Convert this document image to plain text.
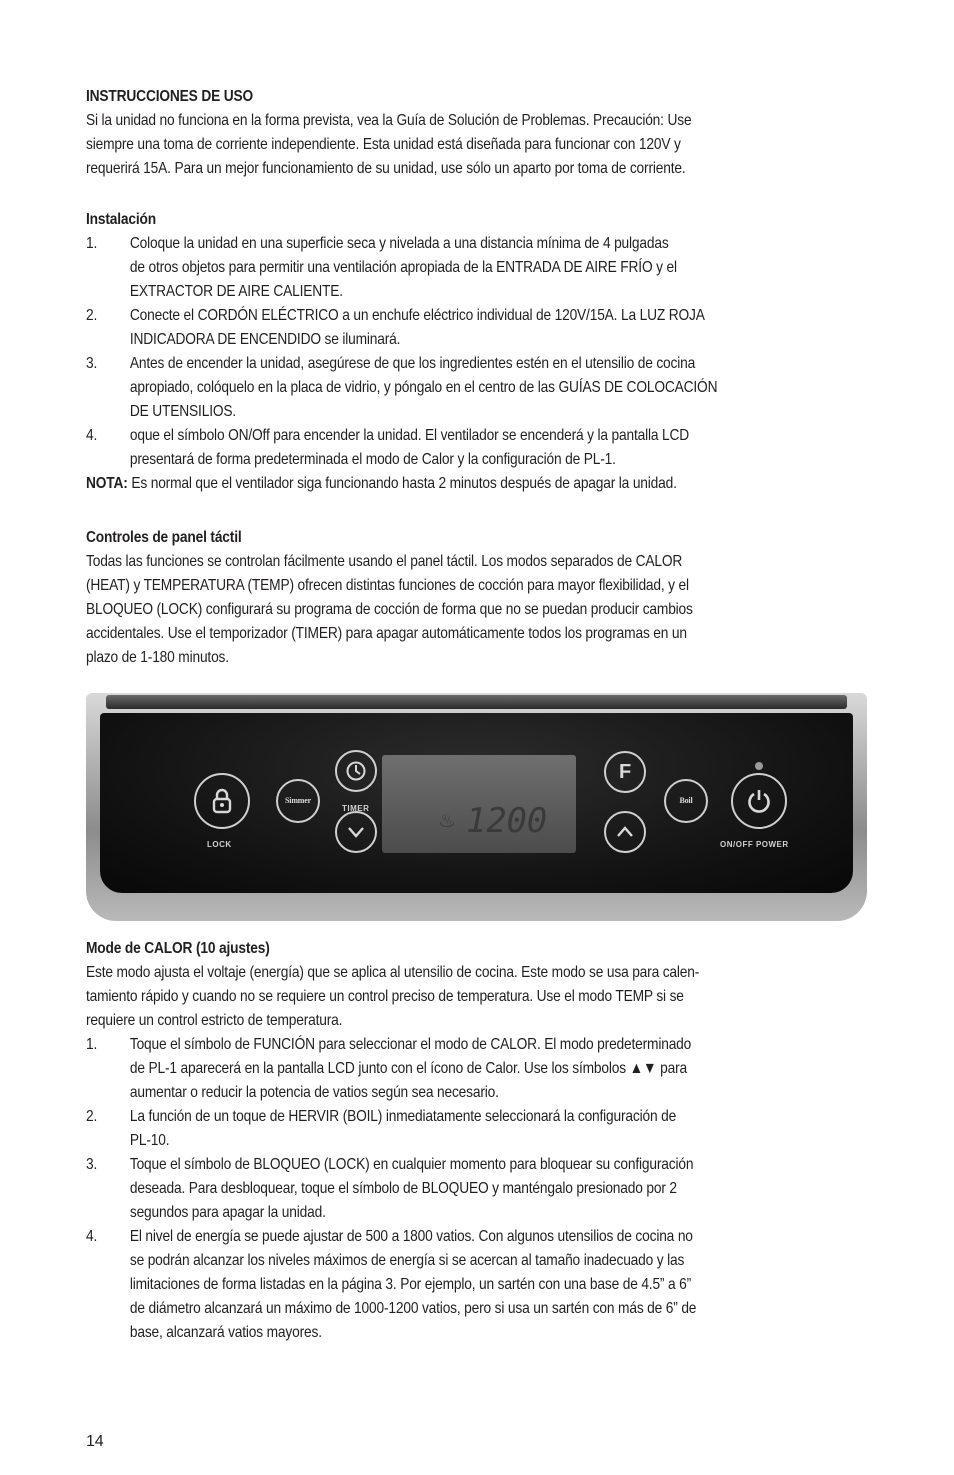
INSTRUCCIONES DE USO
Si la unidad no funciona en la forma prevista, vea la Guía de Solución de Problemas. Precaución: Use
siempre una toma de corriente independiente. Esta unidad está diseñada para funcionar con 120V y
requerirá 15A. Para un mejor funcionamiento de su unidad, use sólo un aparto por toma de corriente.
Instalación
1. Coloque la unidad en una superficie seca y nivelada a una distancia mínima de 4 pulgadas
de otros objetos para permitir una ventilación apropiada de la ENTRADA DE AIRE FRÍO y el
EXTRACTOR DE AIRE CALIENTE.
2. Conecte el CORDÓN ELÉCTRICO a un enchufe eléctrico individual de 120V/15A. La LUZ ROJA
INDICADORA DE ENCENDIDO se iluminará.
3. Antes de encender la unidad, asegúrese de que los ingredientes estén en el utensilio de cocina
apropiado, colóquelo en la placa de vidrio, y póngalo en el centro de las GUÍAS DE COLOCACIÓN
DE UTENSILIOS.
4. oque el símbolo ON/Off para encender la unidad. El ventilador se encenderá y la pantalla LCD
presentará de forma predeterminada el modo de Calor y la configuración de PL-1.
NOTA: Es normal que el ventilador siga funcionando hasta 2 minutos después de apagar la unidad.
Controles de panel táctil
Todas las funciones se controlan fácilmente usando el panel táctil. Los modos separados de CALOR
(HEAT) y TEMPERATURA (TEMP) ofrecen distintas funciones de cocción para mayor flexibilidad, y el
BLOQUEO (LOCK) configurará su programa de cocción de forma que no se puedan producir cambios
accidentales. Use el temporizador (TIMER) para apagar automáticamente todos los programas en un
plazo de 1-180 minutos.
LOCK
Simmer
TIMER
♨ 1200
F
Boil
ON/OFF POWER
Mode de CALOR (10 ajustes)
Este modo ajusta el voltaje (energía) que se aplica al utensilio de cocina. Este modo se usa para calen-
tamiento rápido y cuando no se requiere un control preciso de temperatura. Use el modo TEMP si se
requiere un control estricto de temperatura.
1. Toque el símbolo de FUNCIÓN para seleccionar el modo de CALOR. El modo predeterminado
de PL-1 aparecerá en la pantalla LCD junto con el ícono de Calor. Use los símbolos ▲▼ para
aumentar o reducir la potencia de vatios según sea necesario.
2. La función de un toque de HERVIR (BOIL) inmediatamente seleccionará la configuración de
PL-10.
3. Toque el símbolo de BLOQUEO (LOCK) en cualquier momento para bloquear su configuración
deseada. Para desbloquear, toque el símbolo de BLOQUEO y manténgalo presionado por 2
segundos para apagar la unidad.
4. El nivel de energía se puede ajustar de 500 a 1800 vatios. Con algunos utensilios de cocina no
se podrán alcanzar los niveles máximos de energía si se acercan al tamaño inadecuado y las
limitaciones de forma listadas en la página 3. Por ejemplo, un sartén con una base de 4.5” a 6”
de diámetro alcanzará un máximo de 1000-1200 vatios, pero si usa un sartén con más de 6” de
base, alcanzará vatios mayores.
14
